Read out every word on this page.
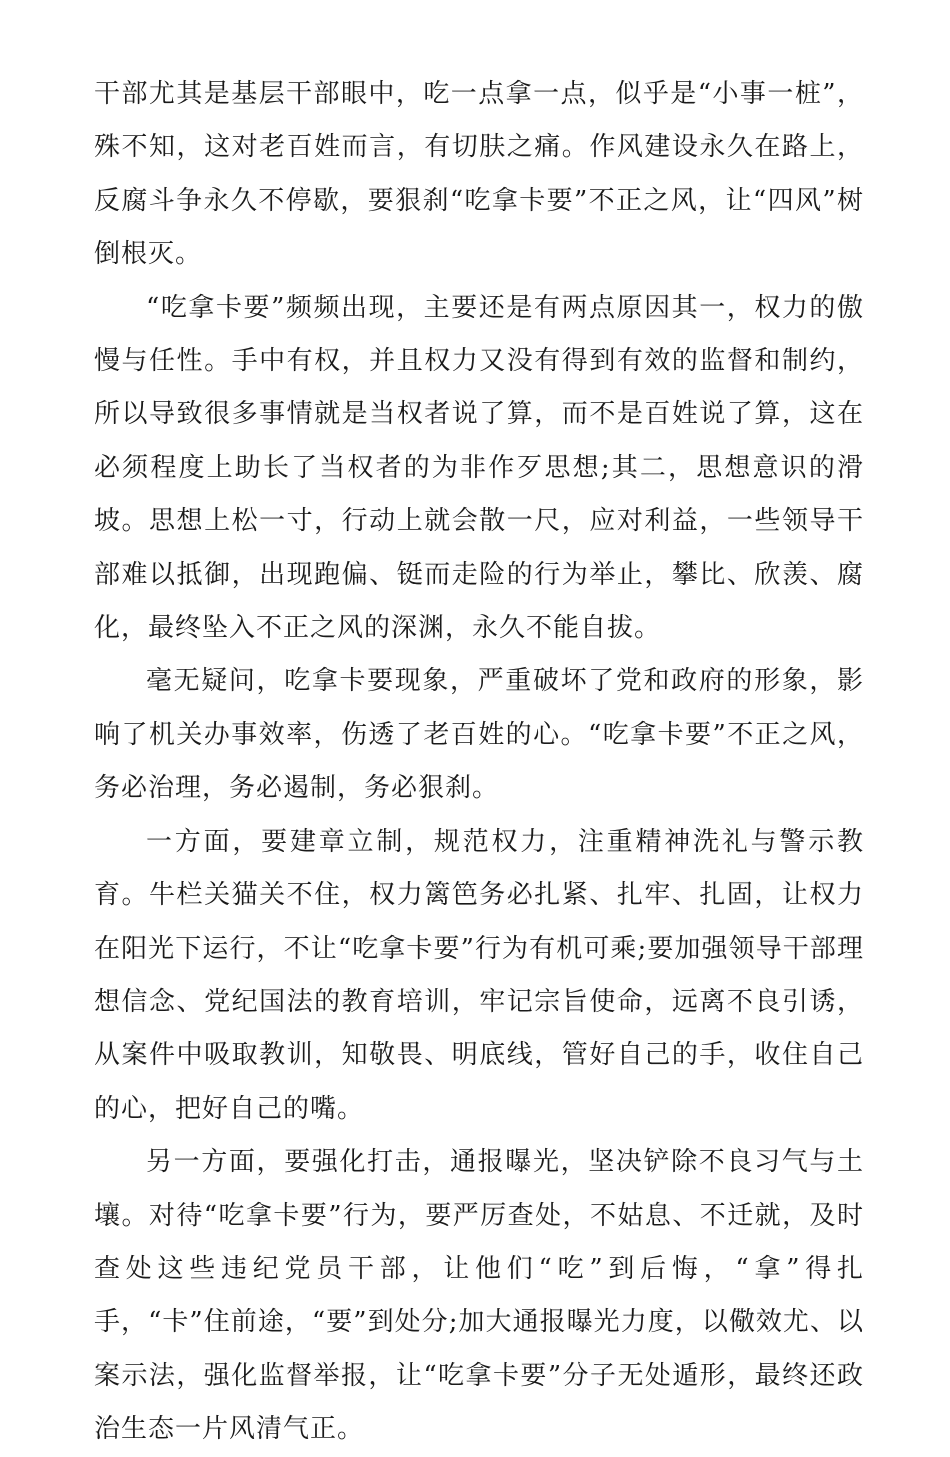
干部尤其是基层干部眼中，吃一点拿一点，似乎是“小事一桩”，殊不知，这对老百姓而言，有切肤之痛。作风建设永久在路上，反腐斗争永久不停歇，要狠刹“吃拿卡要”不正之风，让“四风”树倒根灭。

“吃拿卡要”频频出现，主要还是有两点原因其一，权力的傲慢与任性。手中有权，并且权力又没有得到有效的监督和制约，所以导致很多事情就是当权者说了算，而不是百姓说了算，这在必须程度上助长了当权者的为非作歹思想;其二，思想意识的滑坡。思想上松一寸，行动上就会散一尺，应对利益，一些领导干部难以抵御，出现跑偏、铤而走险的行为举止，攀比、欣羡、腐化，最终坠入不正之风的深渊，永久不能自拔。

毫无疑问，吃拿卡要现象，严重破坏了党和政府的形象，影响了机关办事效率，伤透了老百姓的心。“吃拿卡要”不正之风，务必治理，务必遏制，务必狠刹。

一方面，要建章立制，规范权力，注重精神洗礼与警示教育。牛栏关猫关不住，权力篱笆务必扎紧、扎牢、扎固，让权力在阳光下运行，不让“吃拿卡要”行为有机可乘;要加强领导干部理想信念、党纪国法的教育培训，牢记宗旨使命，远离不良引诱，从案件中吸取教训，知敬畏、明底线，管好自己的手，收住自己的心，把好自己的嘴。

另一方面，要强化打击，通报曝光，坚决铲除不良习气与土壤。对待“吃拿卡要”行为，要严厉查处，不姑息、不迁就，及时查处这些违纪党员干部，让他们“吃”到后悔，“拿”得扎手，“卡”住前途，“要”到处分;加大通报曝光力度，以儆效尤、以案示法，强化监督举报，让“吃拿卡要”分子无处遁形，最终还政治生态一片风清气正。
